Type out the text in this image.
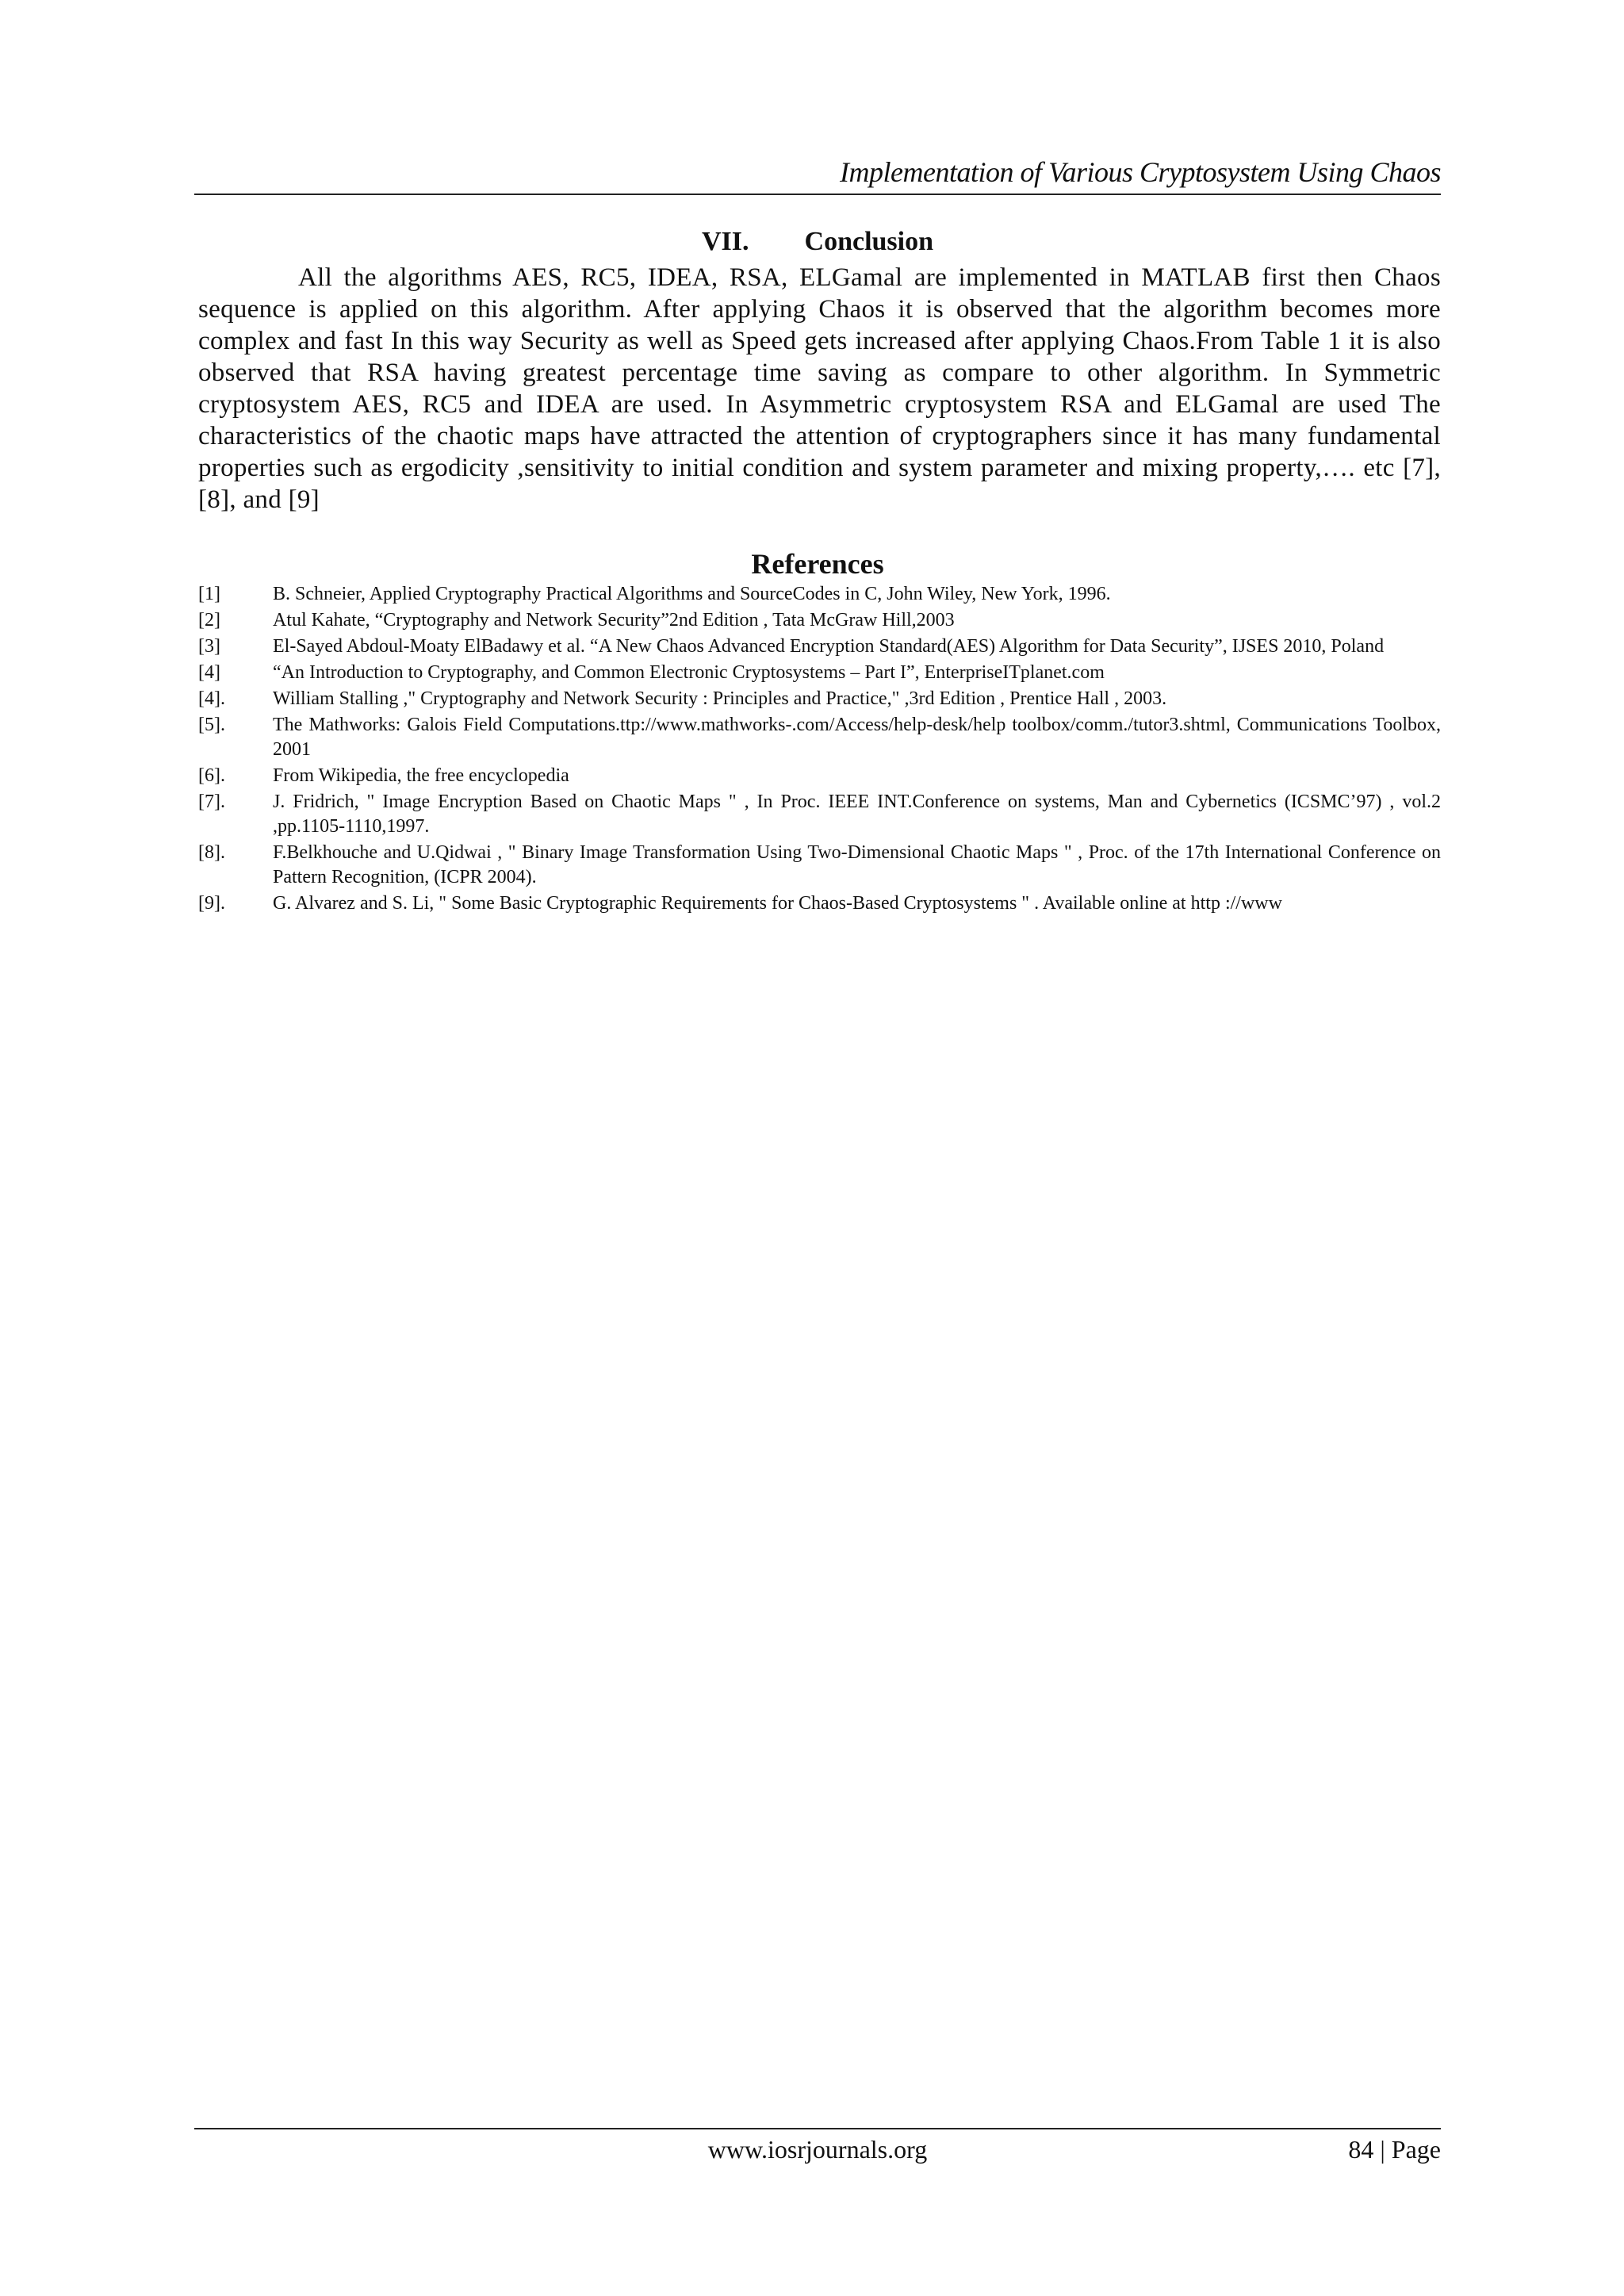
Implementation of Various Cryptosystem Using Chaos
VII. Conclusion

All the algorithms AES, RC5, IDEA, RSA, ELGamal are implemented in MATLAB first then Chaos sequence is applied on this algorithm. After applying Chaos it is observed that the algorithm becomes more complex and fast In this way Security as well as Speed gets increased after applying Chaos.From Table 1 it is also observed that RSA having greatest percentage time saving as compare to other algorithm. In Symmetric cryptosystem AES, RC5 and IDEA are used. In Asymmetric cryptosystem RSA and ELGamal are used The characteristics of the chaotic maps have attracted the attention of cryptographers since it has many fundamental properties such as ergodicity ,sensitivity to initial condition and system parameter and mixing property,…. etc [7],[8], and [9]

References
[1]	B. Schneier, Applied Cryptography Practical Algorithms and SourceCodes in C, John Wiley, New York, 1996.
[2]	Atul Kahate, “Cryptography and Network Security”2nd Edition , Tata McGraw Hill,2003
[3]	El-Sayed Abdoul-Moaty ElBadawy et al. “A New Chaos Advanced Encryption Standard(AES) Algorithm for Data Security”, IJSES 2010, Poland
[4]	“An Introduction to Cryptography, and Common Electronic Cryptosystems – Part I”, EnterpriseITplanet.com
[4].	William Stalling ," Cryptography and Network Security : Principles and Practice," ,3rd Edition , Prentice Hall , 2003.
[5].	The Mathworks: Galois Field Computations.ttp://www.mathworks-.com/Access/help-desk/help toolbox/comm./tutor3.shtml, Communications Toolbox, 2001
[6].	From Wikipedia, the free encyclopedia
[7].	J. Fridrich, " Image Encryption Based on Chaotic Maps " , In Proc. IEEE INT.Conference on systems, Man and Cybernetics (ICSMC’97) , vol.2 ,pp.1105-1110,1997.
[8].	F.Belkhouche and U.Qidwai , " Binary Image Transformation Using Two-Dimensional Chaotic Maps " , Proc. of the 17th International Conference on Pattern Recognition, (ICPR 2004).
[9].	G. Alvarez and S. Li, " Some Basic Cryptographic Requirements for Chaos-Based Cryptosystems " . Available online at http ://www
www.iosrjournals.org	84 | Page
